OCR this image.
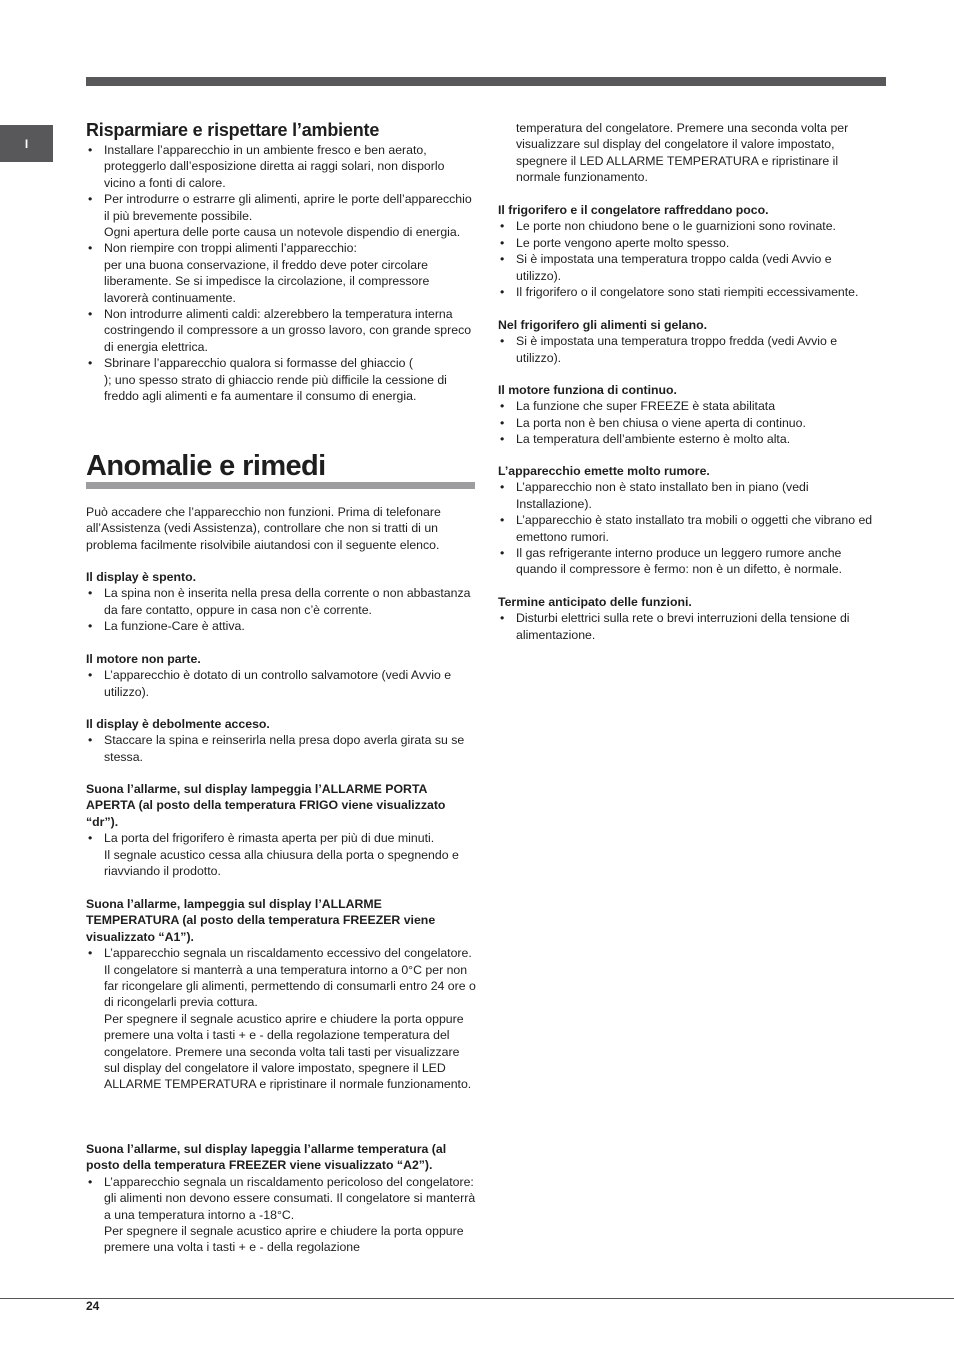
I
Risparmiare e rispettare l’ambiente
• Installare l’apparecchio in un ambiente fresco e ben aerato, proteggerlo dall’esposizione diretta ai raggi solari, non disporlo vicino a fonti di calore.
• Per introdurre o estrarre gli alimenti, aprire le porte dell’apparecchio il più brevemente possibile.
Ogni apertura delle porte causa un notevole dispendio di energia.
• Non riempire con troppi alimenti l’apparecchio:
per una buona conservazione, il freddo deve poter circolare liberamente. Se si impedisce la circolazione, il compressore lavorerà continuamente.
• Non introdurre alimenti caldi: alzerebbero la temperatura interna costringendo il compressore a un grosso lavoro, con grande spreco di energia elettrica.
• Sbrinare l’apparecchio qualora si formasse del ghiaccio (
); uno spesso strato di ghiaccio rende più difficile la cessione di freddo agli alimenti e fa aumentare il consumo di energia.
Anomalie e rimedi

Può accadere che l’apparecchio non funzioni. Prima di telefonare all’Assistenza (vedi Assistenza), controllare che non si tratti di un problema facilmente risolvibile aiutandosi con il seguente elenco.

Il display è spento.

• La spina non è inserita nella presa della corrente o non abbastanza da fare contatto, oppure in casa non c’è corrente.
• La funzione-Care è attiva.

Il motore non parte.

• L’apparecchio è dotato di un controllo salvamotore (vedi Avvio e utilizzo).

Il display è debolmente acceso.

• Staccare la spina e reinserirla nella presa dopo averla girata su se stessa.

Suona l’allarme, sul display lampeggia l’ALLARME PORTA APERTA (al posto della temperatura FRIGO viene visualizzato “dr”).

• La porta del frigorifero è rimasta aperta per più di due minuti.
Il segnale acustico cessa alla chiusura della porta o spegnendo e riavviando il prodotto.

Suona l’allarme, lampeggia sul display l’ALLARME TEMPERATURA (al posto della temperatura FREEZER viene visualizzato “A1”).

• L’apparecchio segnala un riscaldamento eccessivo del congelatore.
Il congelatore si manterrà a una temperatura intorno a 0°C per non far ricongelare gli alimenti, permettendo di consumarli entro 24 ore o di ricongelarli previa cottura.
Per spegnere il segnale acustico aprire e chiudere la porta oppure premere una volta i tasti + e - della regolazione temperatura del congelatore. Premere una seconda volta tali tasti per visualizzare sul display del congelatore il valore impostato, spegnere il LED ALLARME TEMPERATURA e ripristinare il normale funzionamento.

Suona l’allarme, sul display lapeggia l’allarme temperatura (al posto della temperatura FREEZER viene visualizzato “A2”).

• L’apparecchio segnala un riscaldamento pericoloso del congelatore: gli alimenti non devono essere consumati. Il congelatore si manterrà a una temperatura intorno a -18°C.
Per spegnere il segnale acustico aprire e chiudere la porta oppure premere una volta i tasti + e - della regolazione

temperatura del congelatore. Premere una seconda volta per visualizzare sul display del congelatore il valore impostato, spegnere il LED ALLARME TEMPERATURA e ripristinare il normale funzionamento.

Il frigorifero e il congelatore raffreddano poco.

• Le porte non chiudono bene o le guarnizioni sono rovinate.
• Le porte vengono aperte molto spesso.
• Si è impostata una temperatura troppo calda (vedi Avvio e utilizzo).
• Il frigorifero o il congelatore sono stati riempiti eccessivamente.

Nel frigorifero gli alimenti si gelano.

• Si è impostata una temperatura troppo fredda (vedi Avvio e utilizzo).

Il motore funziona di continuo.

• La funzione che super FREEZE è stata abilitata
• La porta non è ben chiusa o viene aperta di continuo.
• La temperatura dell’ambiente esterno è molto alta.

L’apparecchio emette molto rumore.

• L’apparecchio non è stato installato ben in piano (vedi Installazione).
• L’apparecchio è stato installato tra mobili o oggetti che vibrano ed emettono rumori.
• Il gas refrigerante interno produce un leggero rumore anche quando il compressore è fermo: non è un difetto, è normale.

Termine anticipato delle funzioni.

• Disturbi elettrici sulla rete o brevi interruzioni della tensione di alimentazione.
24
